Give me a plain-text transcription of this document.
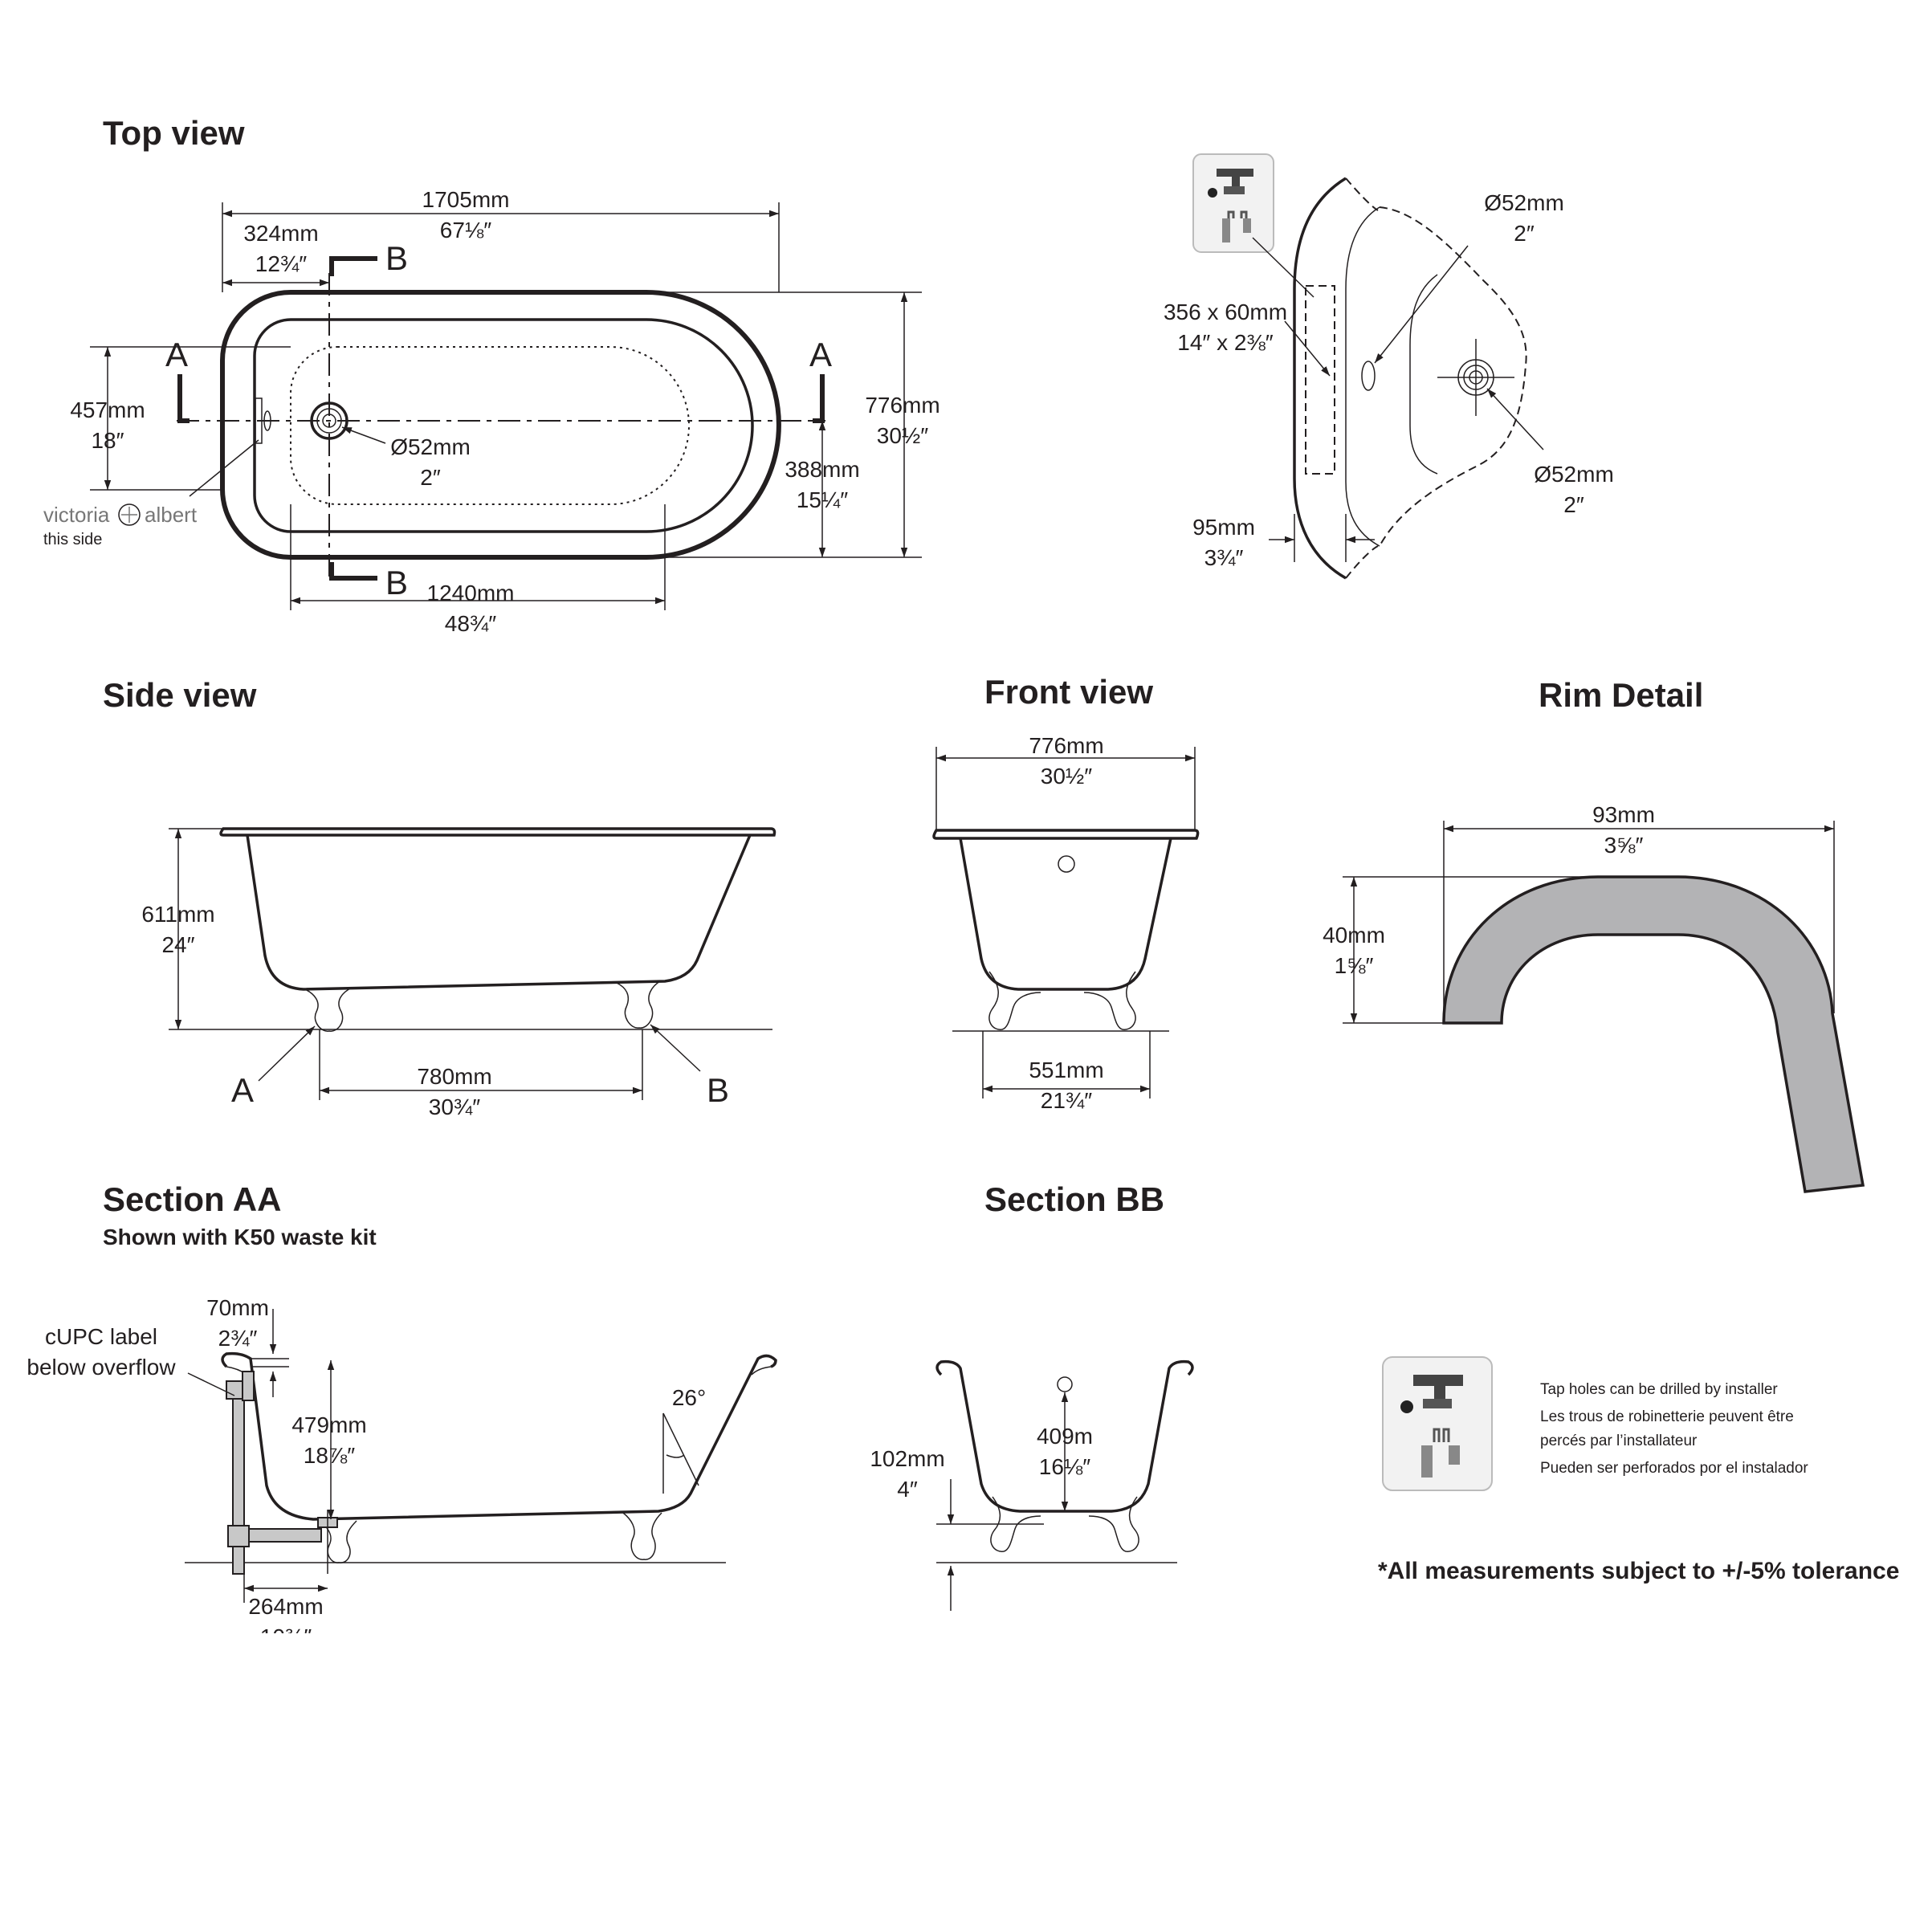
Top view
Side view	Front view	Rim Detail
Section AA
Shown with K50 waste kit
Section BB
A	A
B
B
1705mm
67⅛″
324mm
12¾″
457mm
18″	Ø52mm
2″
776mm
30½″
388mm
15¼″
1240mm
48¾″
victoria albert
this side
356 x 60mm
14″ x 2⅜″
Ø52mm
2″
Ø52mm
2″
95mm
3¾″
611mm
24″
780mm
30¾″
A	B
776mm
30½″
551mm
21¾″
93mm
3⅝″
40mm
1⅝″
26°
70mm
2¾″
cUPC label
below overflow
479mm
18⅞″
264mm
409m
16⅛″
102mm
4″
Tap holes can be drilled by installer
Les trous de robinetterie peuvent être
percés par l’installateur
Pueden ser perforados por el instalador
*All measurements subject to +/-5% tolerance
